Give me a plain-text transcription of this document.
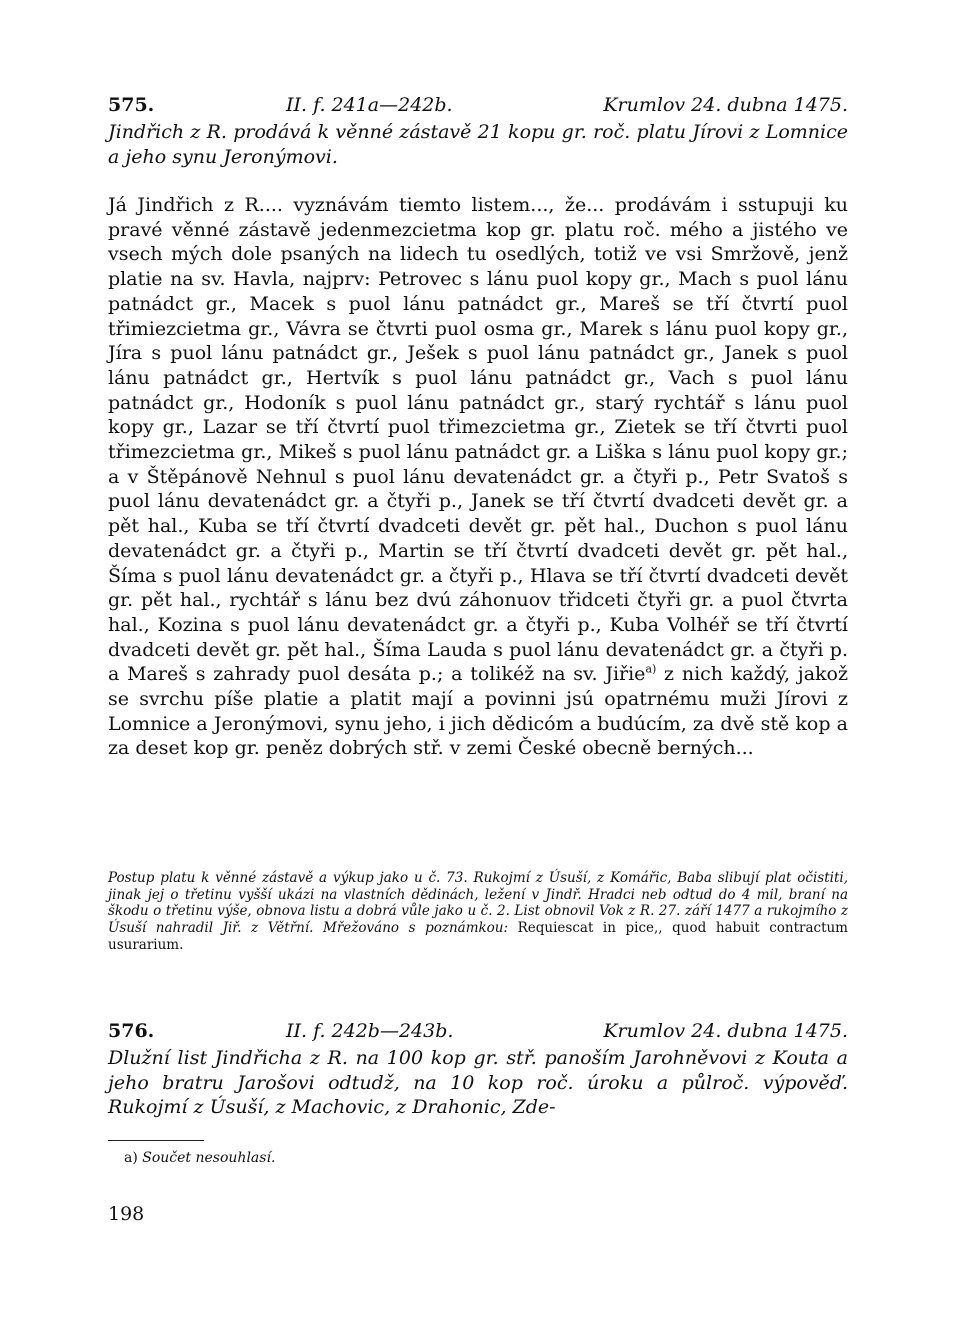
575.	II. f. 241a—242b.	Krumlov 24. dubna 1475.

Jindřich z R. prodává k věnné zástavě 21 kopu gr. roč. platu Jírovi z Lomnice a jeho synu Jeronýmovi.

Já Jindřich z R.... vyznávám tiemto listem..., že... prodávám i sstupuji ku pravé věnné zástavě jedenmezcietma kop gr. platu roč. mého a jistého ve vsech mých dole psaných na lidech tu osedlých, totiž ve vsi Smržově, jenž platie na sv. Havla, najprv: Petrovec s lánu puol kopy gr., Mach s puol lánu patnádct gr., Macek s puol lánu patnádct gr., Mareš se tří čtvrtí puol třimiezcietma gr., Vávra se čtvrti puol osma gr., Marek s lánu puol kopy gr., Jíra s puol lánu patnádct gr., Ješek s puol lánu patnádct gr., Janek s puol lánu patnádct gr., Hertvík s puol lánu patnádct gr., Vach s puol lánu patnádct gr., Hodoník s puol lánu patnádct gr., starý rychtář s lánu puol kopy gr., Lazar se tří čtvrtí puol třimezcietma gr., Zietek se tří čtvrti puol třimezcietma gr., Mikeš s puol lánu patnádct gr. a Liška s lánu puol kopy gr.; a v Štěpánově Nehnul s puol lánu devatenádct gr. a čtyři p., Petr Svatoš s puol lánu devatenádct gr. a čtyři p., Janek se tří čtvrtí dvadceti devět gr. a pět hal., Kuba se tří čtvrtí dvadceti devět gr. pět hal., Duchon s puol lánu devatenádct gr. a čtyři p., Martin se tří čtvrtí dvadceti devět gr. pět hal., Šíma s puol lánu devatenádct gr. a čtyři p., Hlava se tří čtvrtí dvadceti devět gr. pět hal., rychtář s lánu bez dvú záhonuov třidceti čtyři gr. a puol čtvrta hal., Kozina s puol lánu devatenádct gr. a čtyři p., Kuba Volhéř se tří čtvrtí dvadceti devět gr. pět hal., Šíma Lauda s puol lánu devatenádct gr. a čtyři p. a Mareš s zahrady puol desáta p.; a tolikéž na sv. Jiřie$^{a)}$ z nich každý, jakož se svrchu píše platie a platit mají a povinni jsú opatrnému muži Jírovi z Lomnice a Jeronýmovi, synu jeho, i jich dědicóm a budúcím, za dvě stě kop a za deset kop gr. peněz dobrých stř. v zemi České obecně berných...

Postup platu k věnné zástavě a výkup jako u č. 73. Rukojmí z Úsuší, z Komářic, Baba slibují plat očistiti, jinak jej o třetinu vyšší ukázi na vlastních dědinách, ležení v Jindř. Hradci neb odtud do 4 mil, braní na škodu o třetinu výše, obnova listu a dobrá vůle jako u č. 2. List obnovil Vok z R. 27. září 1477 a rukojmího z Úsuší nahradil Jiř. z Větřní. Mřežováno s poznámkou: Requiescat in pice,, quod habuit contractum usurarium.

576.	II. f. 242b—243b.	Krumlov 24. dubna 1475.

Dlužní list Jindřicha z R. na 100 kop gr. stř. panoším Jarohněvovi z Kouta a jeho bratru Jarošovi odtudž, na 10 kop roč. úroku a půlroč. výpověď. Rukojmí z Úsuší, z Machovic, z Drahonic, Zde-

a) Součet nesouhlasí.

198
